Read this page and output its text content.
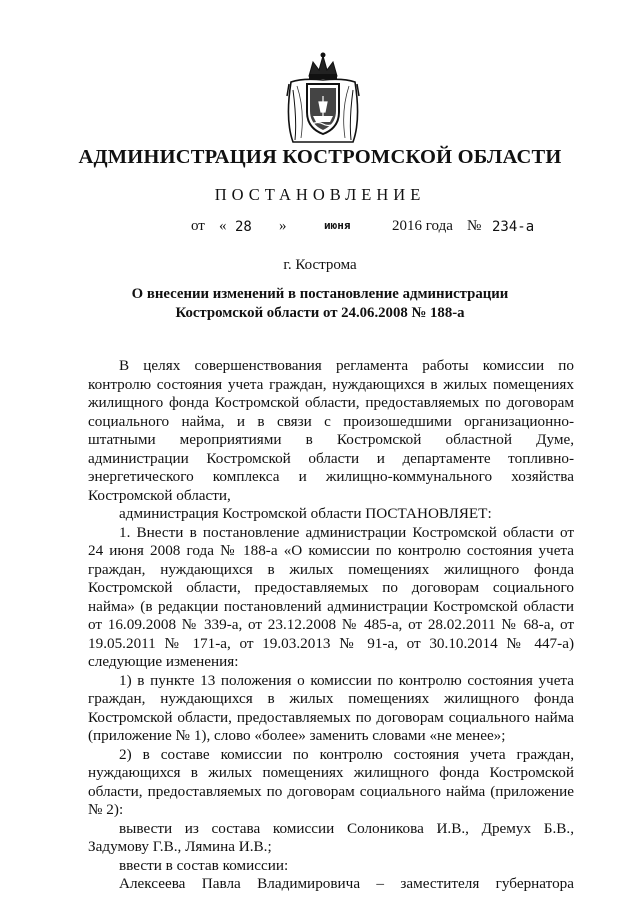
АДМИНИСТРАЦИЯ КОСТРОМСКОЙ ОБЛАСТИ
ПОСТАНОВЛЕНИЕ
от « 28 »	июня	2016 года № 234-а
г. Кострома
О внесении изменений в постановление администрации
Костромской области от 24.06.2008 № 188-а

В целях совершенствования регламента работы комиссии по контролю состояния учета граждан, нуждающихся в жилых помещениях жилищного фонда Костромской области, предоставляемых по договорам социального найма, и в связи с произошедшими организационно-штатными мероприятиями в Костромской областной Думе, администрации Костромской области и департаменте топливно-энергетического комплекса и жилищно-коммунального хозяйства Костромской области,

администрация Костромской области ПОСТАНОВЛЯЕТ:

1. Внести в постановление администрации Костромской области от 24 июня 2008 года № 188-а «О комиссии по контролю состояния учета граждан, нуждающихся в жилых помещениях жилищного фонда Костромской области, предоставляемых по договорам социального найма» (в редакции постановлений администрации Костромской области от 16.09.2008 № 339-а, от 23.12.2008 № 485-а, от 28.02.2011 № 68-а, от 19.05.2011 № 171-а, от 19.03.2013 № 91-а, от 30.10.2014 № 447-а) следующие изменения:

1) в пункте 13 положения о комиссии по контролю состояния учета граждан, нуждающихся в жилых помещениях жилищного фонда Костромской области, предоставляемых по договорам социального найма (приложение № 1), слово «более» заменить словами «не менее»;

2) в составе комиссии по контролю состояния учета граждан, нуждающихся в жилых помещениях жилищного фонда Костромской области, предоставляемых по договорам социального найма (приложение № 2):

вывести из состава комиссии Солоникова И.В., Дремух Б.В., Задумову Г.В., Лямина И.В.;

ввести в состав комиссии:

Алексеева Павла Владимировича – заместителя губернатора
